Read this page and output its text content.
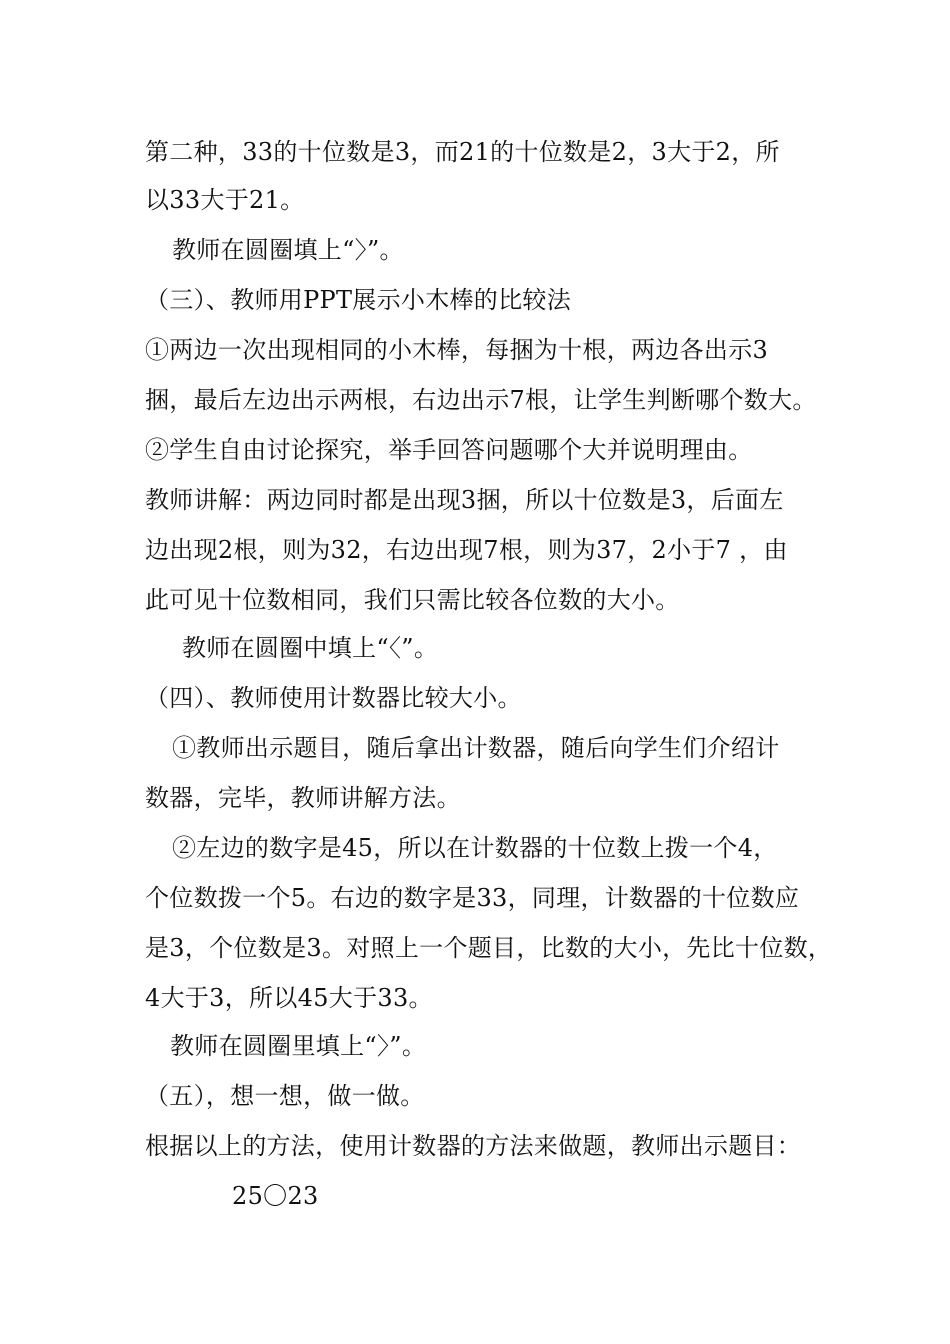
第二种，33的十位数是3，而21的十位数是2，3大于2，所
以33大于21。
教师在圆圈填上“〉”。
（三）、教师用PPT展示小木棒的比较法
①两边一次出现相同的小木棒，每捆为十根，两边各出示3
捆，最后左边出示两根，右边出示7根，让学生判断哪个数大。
②学生自由讨论探究，举手回答问题哪个大并说明理由。
教师讲解：两边同时都是出现3捆，所以十位数是3，后面左
边出现2根，则为32，右边出现7根，则为37，2小于7 ，由
此可见十位数相同，我们只需比较各位数的大小。
教师在圆圈中填上“〈”。
（四）、教师使用计数器比较大小。
①教师出示题目，随后拿出计数器，随后向学生们介绍计
数器，完毕，教师讲解方法。
②左边的数字是45，所以在计数器的十位数上拨一个4，
个位数拨一个5。右边的数字是33，同理，计数器的十位数应
是3，个位数是3。对照上一个题目，比数的大小，先比十位数，
4大于3，所以45大于33。
教师在圆圈里填上“〉”。
（五），想一想，做一做。
根据以上的方法，使用计数器的方法来做题，教师出示题目：
25〇23
